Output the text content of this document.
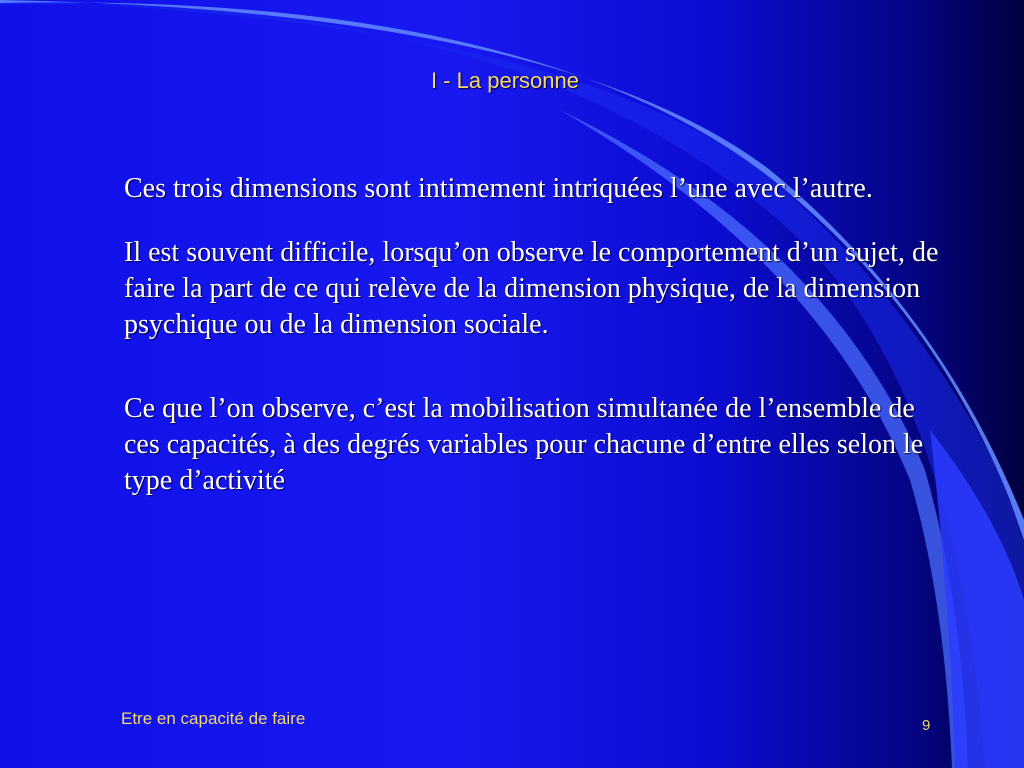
I - La personne

Ces trois dimensions sont intimement intriquées l’une avec l’autre.

Il est souvent difficile, lorsqu’on observe le comportement d’un sujet, de faire la part de ce qui relève de la dimension physique, de la dimension psychique ou de la dimension sociale.

Ce que l’on observe, c’est la mobilisation simultanée de l’ensemble de ces capacités, à des degrés variables pour chacune d’entre elles selon le type d’activité

Etre en capacité de faire	9
